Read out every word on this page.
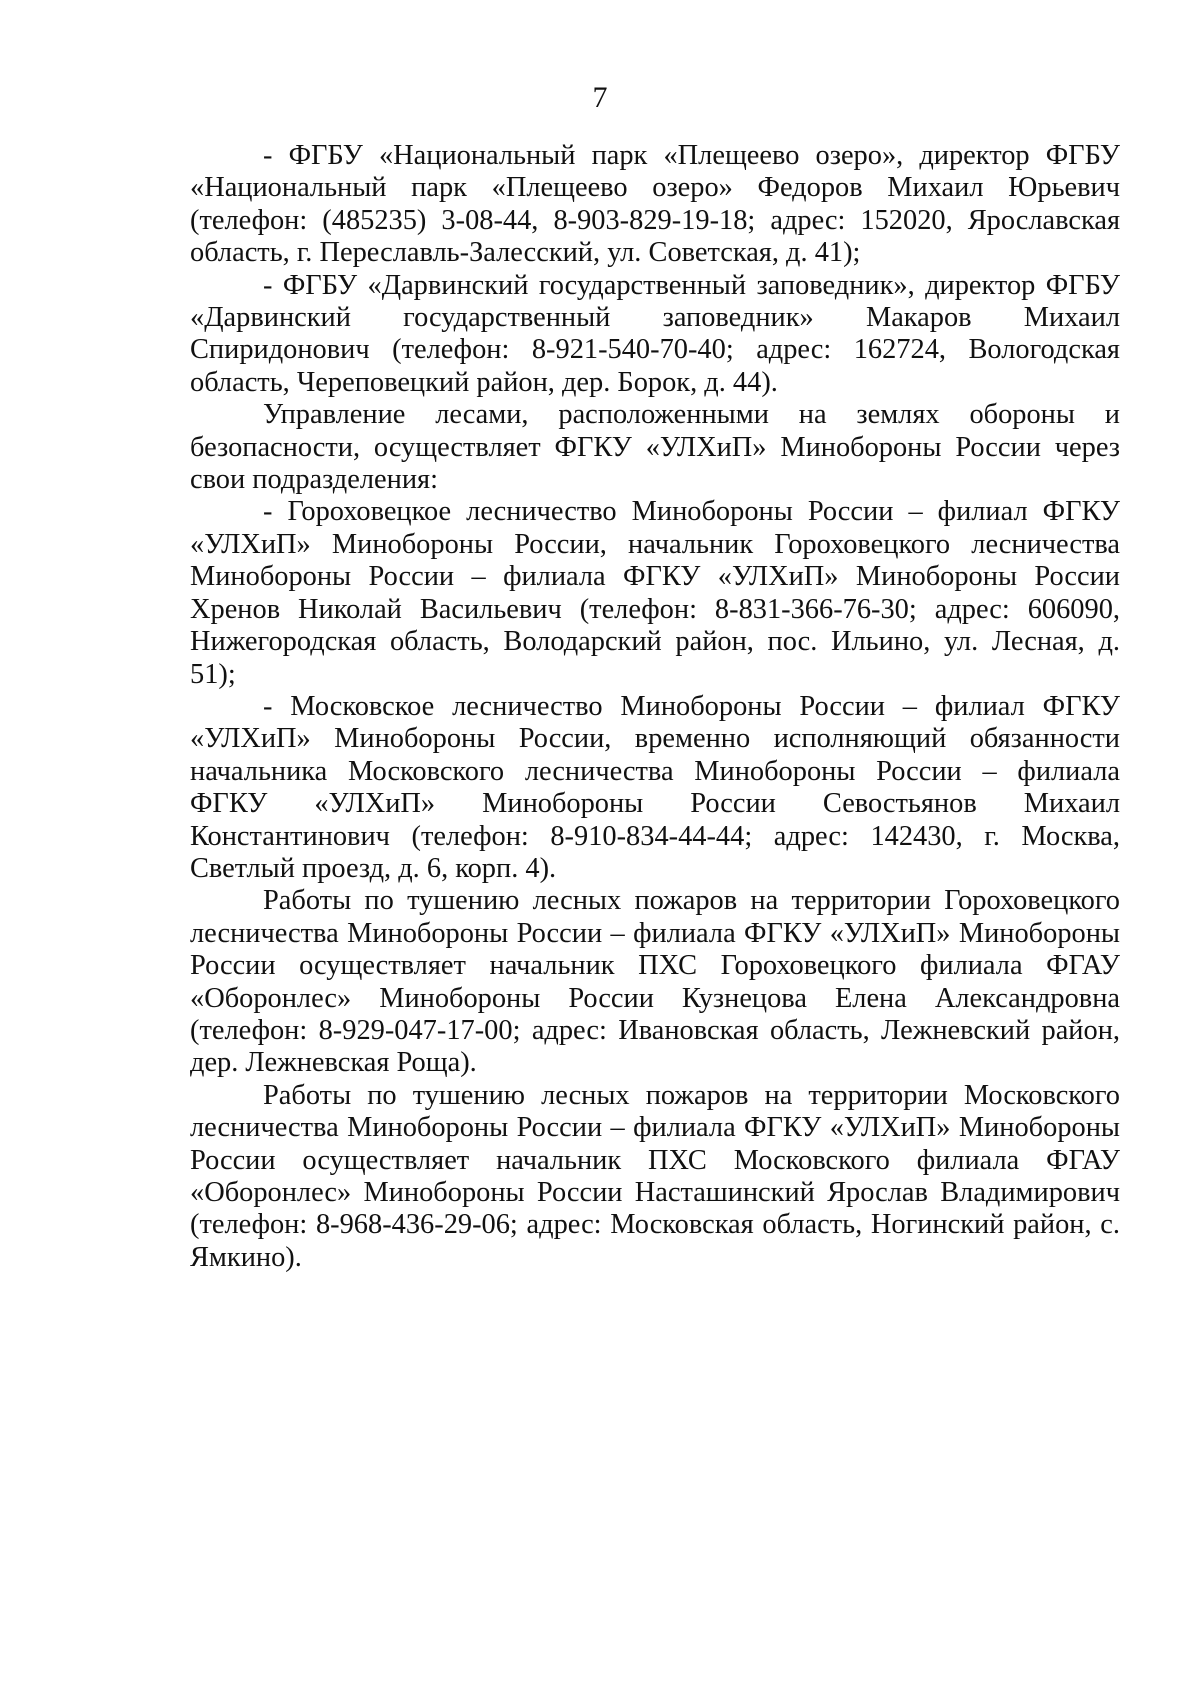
7

- ФГБУ «Национальный парк «Плещеево озеро», директор ФГБУ «Национальный парк «Плещеево озеро» Федоров Михаил Юрьевич (телефон: (485235) 3-08-44, 8-903-829-19-18; адрес: 152020, Ярославская область, г. Переславль-Залесский, ул. Советская, д. 41);

- ФГБУ «Дарвинский государственный заповедник», директор ФГБУ «Дарвинский государственный заповедник» Макаров Михаил Спиридонович (телефон: 8-921-540-70-40; адрес: 162724, Вологодская область, Череповецкий район, дер. Борок, д. 44).

Управление лесами, расположенными на землях обороны и безопасности, осуществляет ФГКУ «УЛХиП» Минобороны России через свои подразделения:

- Гороховецкое лесничество Минобороны России – филиал ФГКУ «УЛХиП» Минобороны России, начальник Гороховецкого лесничества Минобороны России – филиала ФГКУ «УЛХиП» Минобороны России Хренов Николай Васильевич (телефон: 8-831-366-76-30; адрес: 606090, Нижегородская область, Володарский район, пос. Ильино, ул. Лесная, д. 51);

- Московское лесничество Минобороны России – филиал ФГКУ «УЛХиП» Минобороны России, временно исполняющий обязанности начальника Московского лесничества Минобороны России – филиала ФГКУ «УЛХиП» Минобороны России Севостьянов Михаил Константинович (телефон: 8-910-834-44-44; адрес: 142430, г. Москва, Светлый проезд, д. 6, корп. 4).

Работы по тушению лесных пожаров на территории Гороховецкого лесничества Минобороны России – филиала ФГКУ «УЛХиП» Минобороны России осуществляет начальник ПХС Гороховецкого филиала ФГАУ «Оборонлес» Минобороны России Кузнецова Елена Александровна (телефон: 8-929-047-17-00; адрес: Ивановская область, Лежневский район, дер. Лежневская Роща).

Работы по тушению лесных пожаров на территории Московского лесничества Минобороны России – филиала ФГКУ «УЛХиП» Минобороны России осуществляет начальник ПХС Московского филиала ФГАУ «Оборонлес» Минобороны России Насташинский Ярослав Владимирович (телефон: 8-968-436-29-06; адрес: Московская область, Ногинский район, с. Ямкино).
